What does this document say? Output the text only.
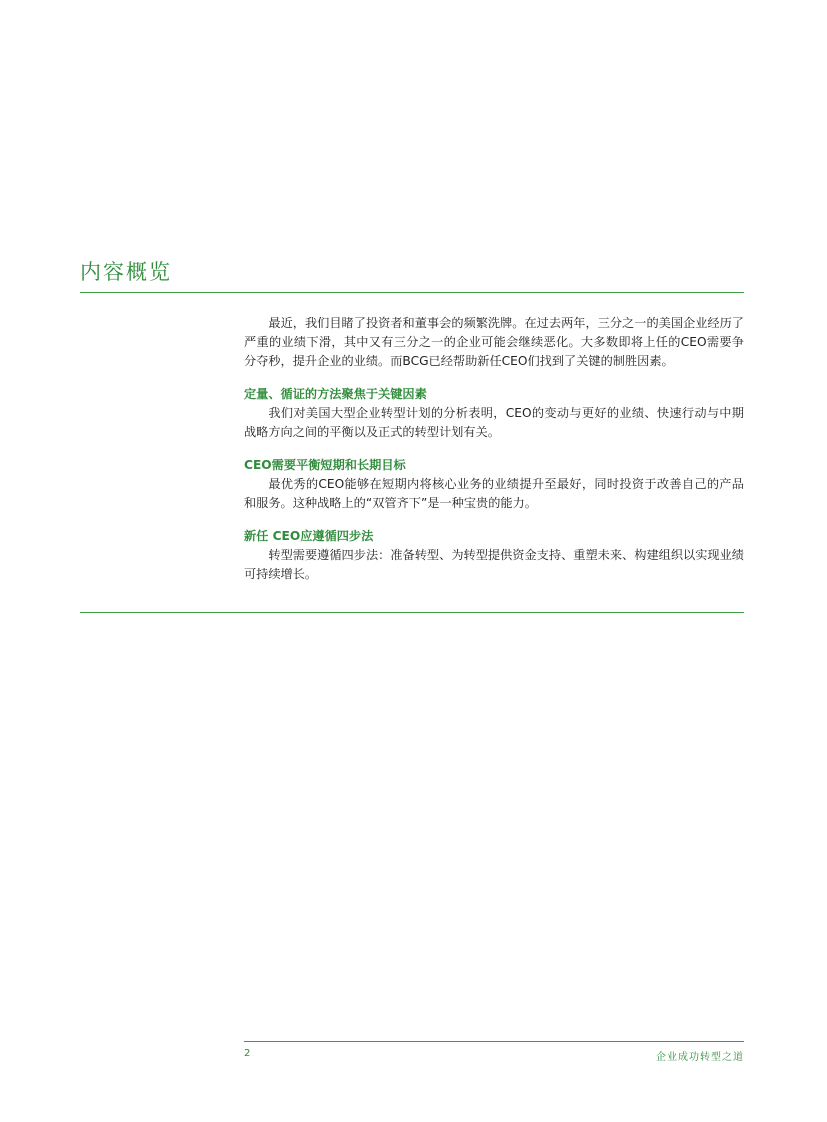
内容概览

最近，我们目睹了投资者和董事会的频繁洗牌。在过去两年，三分之一的美国企业经历了严重的业绩下滑，其中又有三分之一的企业可能会继续恶化。大多数即将上任的CEO需要争分夺秒，提升企业的业绩。而BCG已经帮助新任CEO们找到了关键的制胜因素。

定量、循证的方法聚焦于关键因素

我们对美国大型企业转型计划的分析表明，CEO的变动与更好的业绩、快速行动与中期战略方向之间的平衡以及正式的转型计划有关。

CEO需要平衡短期和长期目标

最优秀的CEO能够在短期内将核心业务的业绩提升至最好，同时投资于改善自己的产品和服务。这种战略上的“双管齐下”是一种宝贵的能力。

新任 CEO应遵循四步法

转型需要遵循四步法：准备转型、为转型提供资金支持、重塑未来、构建组织以实现业绩可持续增长。

2	企业成功转型之道
